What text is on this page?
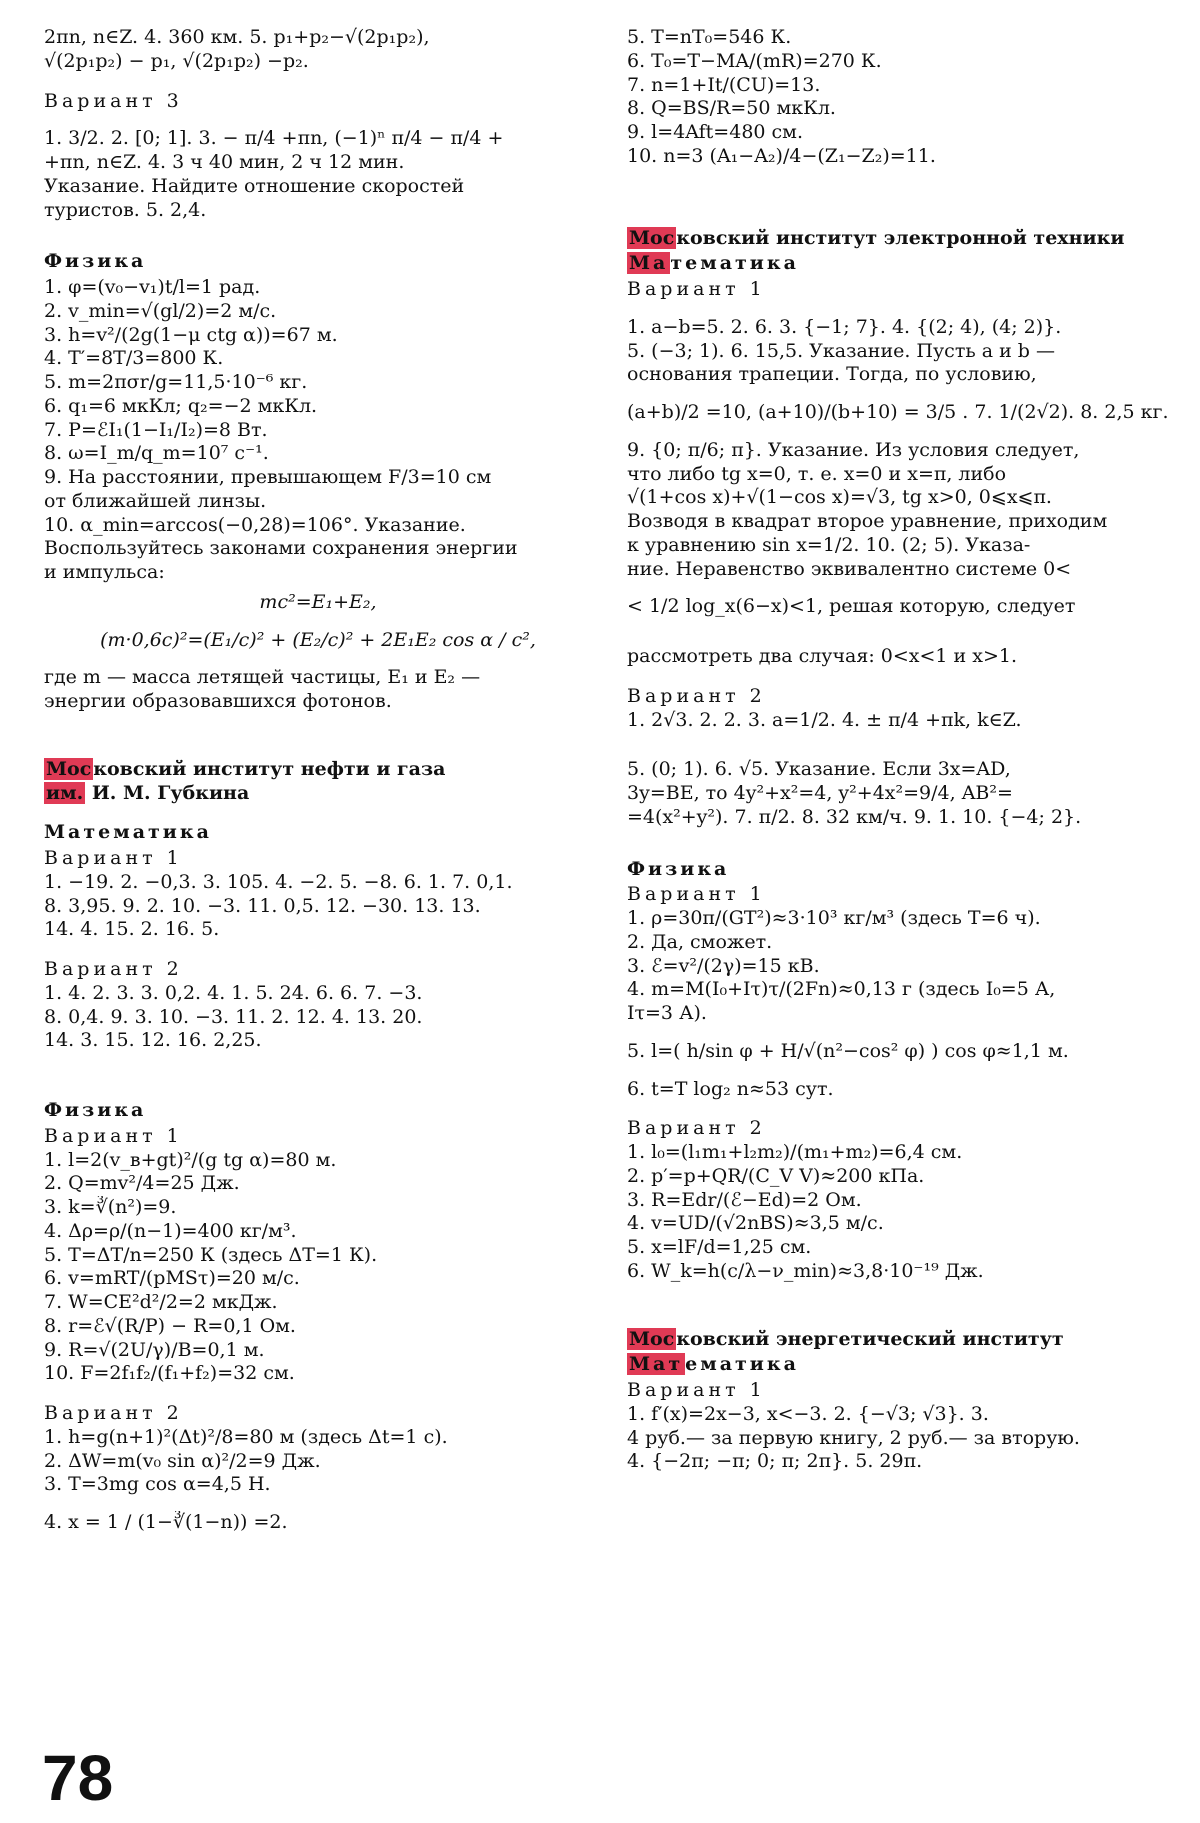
2πn, n∈Z. 4. 360 км. 5. p₁+p₂−√(2p₁p₂),

√(2p₁p₂) − p₁, √(2p₁p₂) −p₂.

Вариант 3

1. 3/2. 2. [0; 1]. 3. − π/4 +πn, (−1)ⁿ π/4 − π/4 +

+πn, n∈Z. 4. 3 ч 40 мин, 2 ч 12 мин.

Указание. Найдите отношение скоростей

туристов. 5. 2,4.

Физика

1. φ=(v₀−v₁)t/l=1 рад.

2. v_min=√(gl/2)=2 м/с.

3. h=v²/(2g(1−μ ctg α))=67 м.

4. T′=8T/3=800 К.

5. m=2πσr/g=11,5·10⁻⁶ кг.

6. q₁=6 мкКл; q₂=−2 мкКл.

7. P=ℰI₁(1−I₁/I₂)=8 Вт.

8. ω=I_m/q_m=10⁷ с⁻¹.

9. На расстоянии, превышающем F/3=10 см

от ближайшей линзы.

10. α_min=arccos(−0,28)=106°. Указание.

Воспользуйтесь законами сохранения энергии

и импульса:

mc²=E₁+E₂,

(m·0,6c)²=(E₁/c)² + (E₂/c)² + 2E₁E₂ cos α / c²,

где m — масса летящей частицы, E₁ и E₂ —

энергии образовавшихся фотонов.

Мос ковский институт нефти и газа

им. И. М. Губкина

Математика

Вариант 1

1. −19. 2. −0,3. 3. 105. 4. −2. 5. −8. 6. 1. 7. 0,1.

8. 3,95. 9. 2. 10. −3. 11. 0,5. 12. −30. 13. 13.

14. 4. 15. 2. 16. 5.

Вариант 2

1. 4. 2. 3. 3. 0,2. 4. 1. 5. 24. 6. 6. 7. −3.

8. 0,4. 9. 3. 10. −3. 11. 2. 12. 4. 13. 20.

14. 3. 15. 12. 16. 2,25.

Физика

Вариант 1

1. l=2(v_в+gt)²/(g tg α)=80 м.

2. Q=mv²/4=25 Дж.

3. k=∛(n²)=9.

4. Δρ=ρ/(n−1)=400 кг/м³.

5. T=ΔT/n=250 К (здесь ΔT=1 К).

6. v=mRT/(pMSτ)=20 м/с.

7. W=CE²d²/2=2 мкДж.

8. r=ℰ√(R/P) − R=0,1 Ом.

9. R=√(2U/γ)/B=0,1 м.

10. F=2f₁f₂/(f₁+f₂)=32 см.

Вариант 2

1. h=g(n+1)²(Δt)²/8=80 м (здесь Δt=1 с).

2. ΔW=m(v₀ sin α)²/2=9 Дж.

3. T=3mg cos α=4,5 Н.

4. x = 1 / (1−∛(1−n)) =2.

5. T=nT₀=546 К.

6. T₀=T−MA/(mR)=270 К.

7. n=1+It/(CU)=13.

8. Q=BS/R=50 мкКл.

9. l=4Aft=480 см.

10. n=3 (A₁−A₂)/4−(Z₁−Z₂)=11.

Мос ковский институт электронной техники

Ма тематика

Вариант 1

1. a−b=5. 2. 6. 3. {−1; 7}. 4. {(2; 4), (4; 2)}.

5. (−3; 1). 6. 15,5. Указание. Пусть a и b —

основания трапеции. Тогда, по условию,

(a+b)/2 =10, (a+10)/(b+10) = 3/5 . 7. 1/(2√2). 8. 2,5 кг.

9. {0; π/6; π}. Указание. Из условия следует,

что либо tg x=0, т. е. x=0 и x=π, либо

√(1+cos x)+√(1−cos x)=√3, tg x>0, 0⩽x⩽π.

Возводя в квадрат второе уравнение, приходим

к уравнению sin x=1/2. 10. (2; 5). Указа-

ние. Неравенство эквивалентно системе 0<

< 1/2 log_x(6−x)<1, решая которую, следует

рассмотреть два случая: 0<x<1 и x>1.

Вариант 2

1. 2√3. 2. 2. 3. a=1/2. 4. ± π/4 +πk, k∈Z.

5. (0; 1). 6. √5. Указание. Если 3x=AD,

3y=BE, то 4y²+x²=4, y²+4x²=9/4, AB²=

=4(x²+y²). 7. π/2. 8. 32 км/ч. 9. 1. 10. {−4; 2}.

Физика

Вариант 1

1. ρ=30π/(GT²)≈3·10³ кг/м³ (здесь T=6 ч).

2. Да, сможет.

3. ℰ=v²/(2γ)=15 кВ.

4. m=M(I₀+Iτ)τ/(2Fn)≈0,13 г (здесь I₀=5 А,

Iτ=3 А).

5. l=( h/sin φ + H/√(n²−cos² φ) ) cos φ≈1,1 м.

6. t=T log₂ n≈53 сут.

Вариант 2

1. l₀=(l₁m₁+l₂m₂)/(m₁+m₂)=6,4 см.

2. p′=p+QR/(C_V V)≈200 кПа.

3. R=Edr/(ℰ−Ed)=2 Ом.

4. v=UD/(√2nBS)≈3,5 м/с.

5. x=lF/d=1,25 см.

6. W_k=h(c/λ−ν_min)≈3,8·10⁻¹⁹ Дж.

Мос ковский энергетический институт

Мат ематика

Вариант 1

1. f′(x)=2x−3, x<−3. 2. {−√3; √3}. 3.

4 руб.— за первую книгу, 2 руб.— за вторую.

4. {−2π; −π; 0; π; 2π}. 5. 29π.

78
